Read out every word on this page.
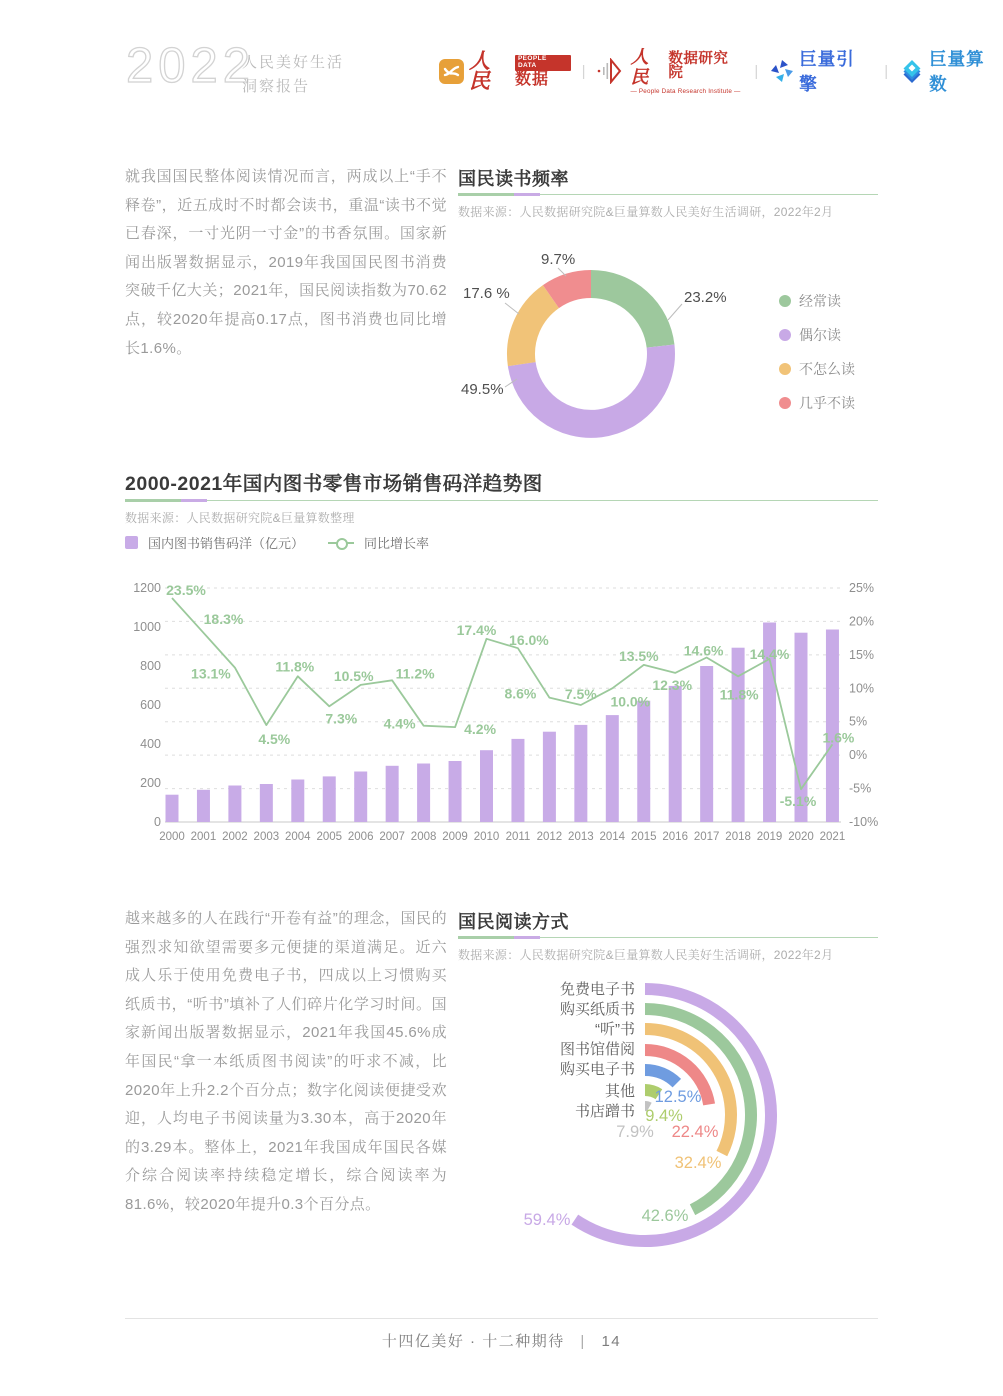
2022
人民美好生活
洞察报告
人民
PEOPLE DATA
数据 |
人民
数据研究院
— People Data Research Institute —
|
巨量引擎
|
巨量算数
就我国国民整体阅读情况而言，两成以上“手不释卷”，近五成时不时都会读书，重温“读书不觉已春深，一寸光阴一寸金”的书香氛围。国家新闻出版署数据显示，2019年我国国民图书消费突破千亿大关；2021年，国民阅读指数为70.62点，较2020年提高0.17点，图书消费也同比增长1.6%。
国民读书频率
数据来源：人民数据研究院&巨量算数人民美好生活调研，2022年2月
23.2%
49.5%
17.6 %
9.7%
经常读
偶尔读
不怎么读
几乎不读
2000-2021年国内图书零售市场销售码洋趋势图
数据来源：人民数据研究院&巨量算数整理
国内图书销售码洋（亿元）	同比增长率
0
200
400
600
800
1000
1200
-10%
-5%
0%
5%
10%
15%
20%
25%
2000 2001 2002 2003 2004 2005 2006 2007 2008 2009 2010 2011 2012 2013 2014 2015 2016 2017 2018 2019 2020 2021
23.5%
18.3%
13.1%
4.5%
11.8%
7.3%
10.5% 11.2%
4.4%	4.2%
17.4%
16.0%
8.6% 7.5% 10.0%
13.5%
12.3%
14.6%
11.8%
14.4%
-5.1%
1.6%
越来越多的人在践行“开卷有益”的理念，国民的强烈求知欲望需要多元便捷的渠道满足。近六成人乐于使用免费电子书，四成以上习惯购买纸质书，“听书”填补了人们碎片化学习时间。国家新闻出版署数据显示，2021年我国45.6%成年国民“拿一本纸质图书阅读”的吁求不减，比2020年上升2.2个百分点；数字化阅读便捷受欢迎，人均电子书阅读量为3.30本，高于2020年的3.29本。整体上，2021年我国成年国民各媒介综合阅读率持续稳定增长，综合阅读率为81.6%，较2020年提升0.3个百分点。
国民阅读方式
数据来源：人民数据研究院&巨量算数人民美好生活调研，2022年2月
免费电子书
购买纸质书
“听”书
图书馆借阅
购买电子书
其他
书店蹭书
59.4%	42.6%
32.4%
22.4%
12.5%
9.4%
7.9%
十四亿美好 · 十二种期待 | 14
